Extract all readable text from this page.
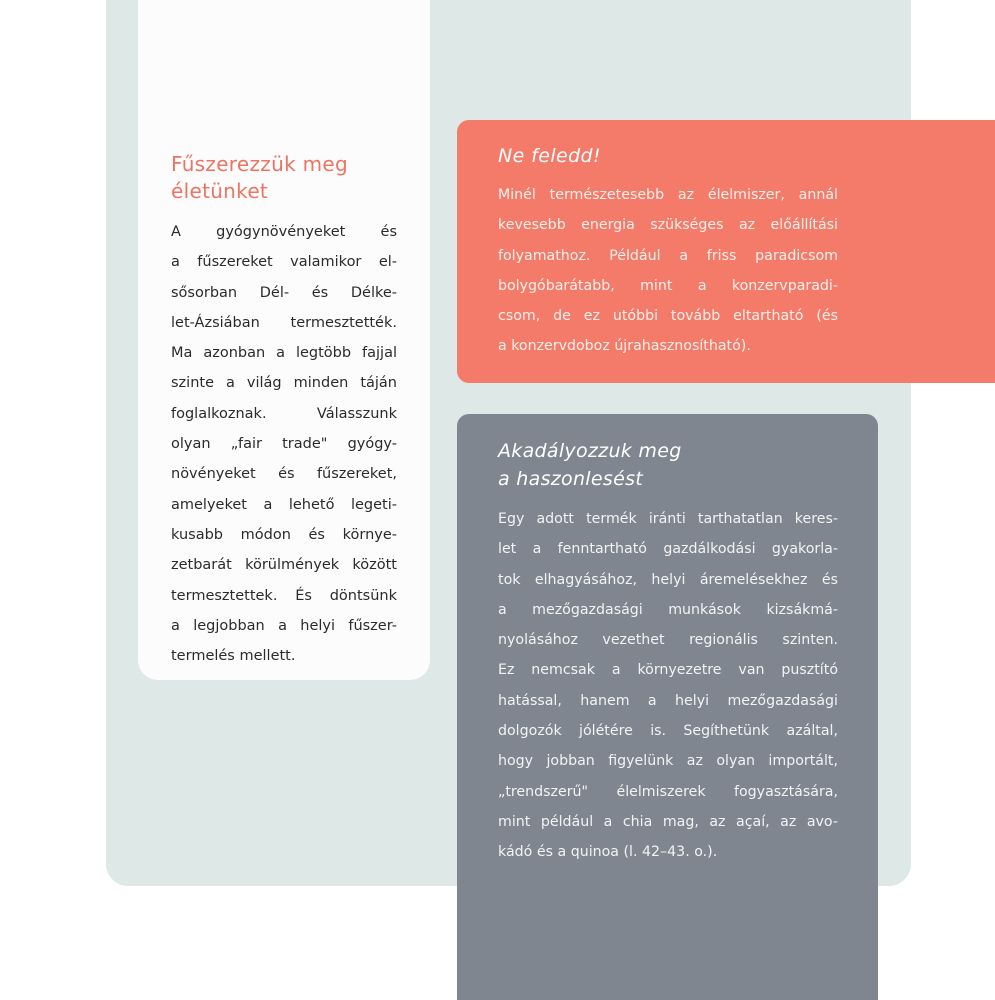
Fűszerezzük meg
életünket
A gyógynövényeket és
a fűszereket valamikor el-
sősorban Dél- és Délke-
let-Ázsiában termesztették.
Ma azonban a legtöbb fajjal
szinte a világ minden táján
foglalkoznak. Válasszunk
olyan „fair trade" gyógy-
növényeket és fűszereket,
amelyeket a lehető legeti-
kusabb módon és környe-
zetbarát körülmények között
termesztettek. És döntsünk
a legjobban a helyi fűszer-
termelés mellett.
Ne feledd!
Minél természetesebb az élelmiszer, annál
kevesebb energia szükséges az előállítási
folyamathoz. Például a friss paradicsom
bolygóbarátabb, mint a konzervparadi-
csom, de ez utóbbi tovább eltartható (és
a konzervdoboz újrahasznosítható).
Akadályozzuk meg
a haszonlesést
Egy adott termék iránti tarthatatlan keres-
let a fenntartható gazdálkodási gyakorla-
tok elhagyásához, helyi áremelésekhez és
a mezőgazdasági munkások kizsákmá-
nyolásához vezethet regionális szinten.
Ez nemcsak a környezetre van pusztító
hatással, hanem a helyi mezőgazdasági
dolgozók jólétére is. Segíthetünk azáltal,
hogy jobban figyelünk az olyan importált,
„trendszerű" élelmiszerek fogyasztására,
mint például a chia mag, az açaí, az avo-
kádó és a quinoa (l. 42–43. o.).
